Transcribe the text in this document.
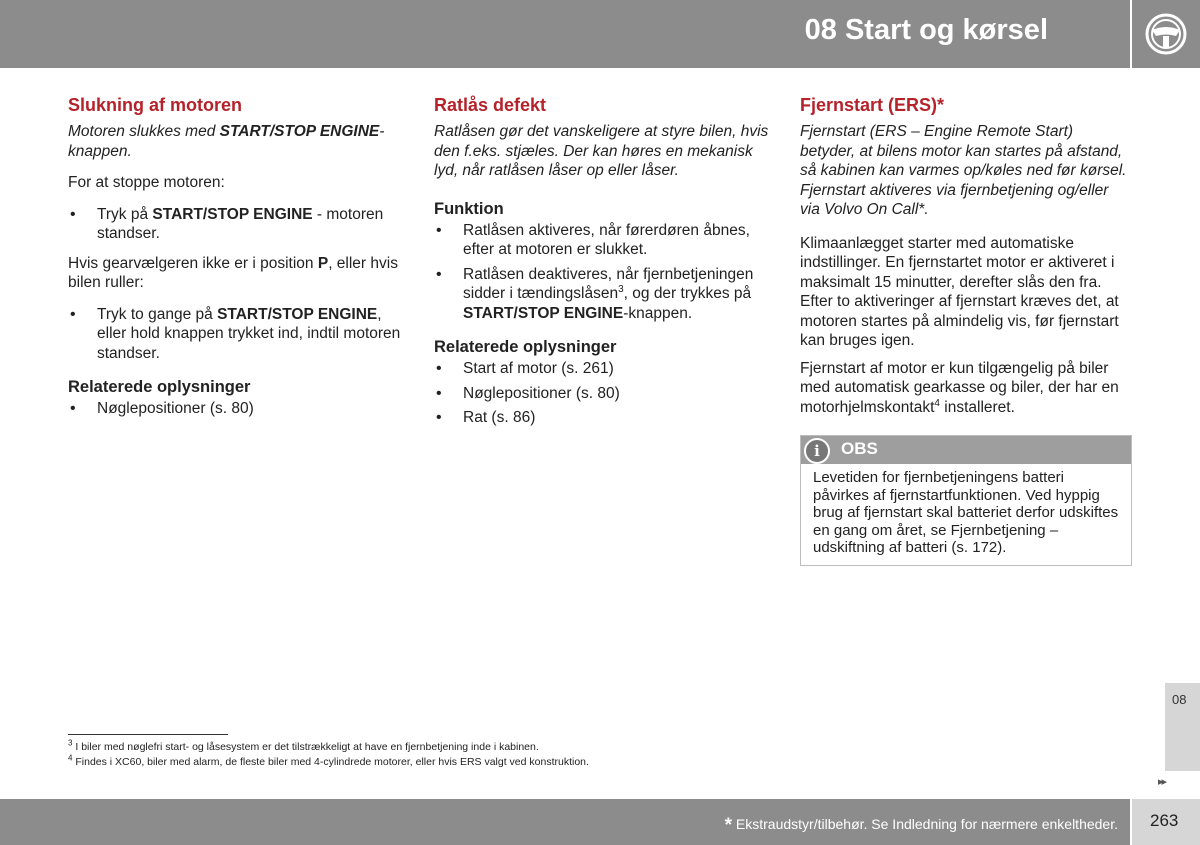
08 Start og kørsel
Slukning af motoren

Motoren slukkes med START/STOP ENGINE-knappen.

For at stoppe motoren:

• Tryk på START/STOP ENGINE - motoren standser.

Hvis gearvælgeren ikke er i position P, eller hvis bilen ruller:

• Tryk to gange på START/STOP ENGINE, eller hold knappen trykket ind, indtil motoren standser.
Relaterede oplysninger
• Nøglepositioner (s. 80)
Ratlås defekt

Ratlåsen gør det vanskeligere at styre bilen, hvis den f.eks. stjæles. Der kan høres en mekanisk lyd, når ratlåsen låser op eller låser.

Funktion
• Ratlåsen aktiveres, når førerdøren åbnes, efter at motoren er slukket.
• Ratlåsen deaktiveres, når fjernbetjeningen sidder i tændingslåsen$^3$, og der trykkes på START/STOP ENGINE-knappen.
Relaterede oplysninger
• Start af motor (s. 261)
• Nøglepositioner (s. 80)
• Rat (s. 86)
Fjernstart (ERS)*

Fjernstart (ERS – Engine Remote Start) betyder, at bilens motor kan startes på afstand, så kabinen kan varmes op/køles ned før kørsel. Fjernstart aktiveres via fjernbetjening og/eller via Volvo On Call*.

Klimaanlægget starter med automatiske indstillinger. En fjernstartet motor er aktiveret i maksimalt 15 minutter, derefter slås den fra. Efter to aktiveringer af fjernstart kræves det, at motoren startes på almindelig vis, før fjernstart kan bruges igen.

Fjernstart af motor er kun tilgængelig på biler med automatisk gearkasse og biler, der har en motorhjelmskontakt$^4$ installeret.

i	OBS
Levetiden for fjernbetjeningens batteri påvirkes af fjernstartfunktionen. Ved hyppig brug af fjernstart skal batteriet derfor udskiftes en gang om året, se Fjernbetjening – udskiftning af batteri (s. 172).
$^3$ I biler med nøglefri start- og låsesystem er det tilstrækkeligt at have en fjernbetjening inde i kabinen.
$^4$ Findes i XC60, biler med alarm, de fleste biler med 4-cylindrede motorer, eller hvis ERS valgt ved konstruktion.
08
▸▸
* Ekstraudstyr/tilbehør. Se Indledning for nærmere enkeltheder. 263
